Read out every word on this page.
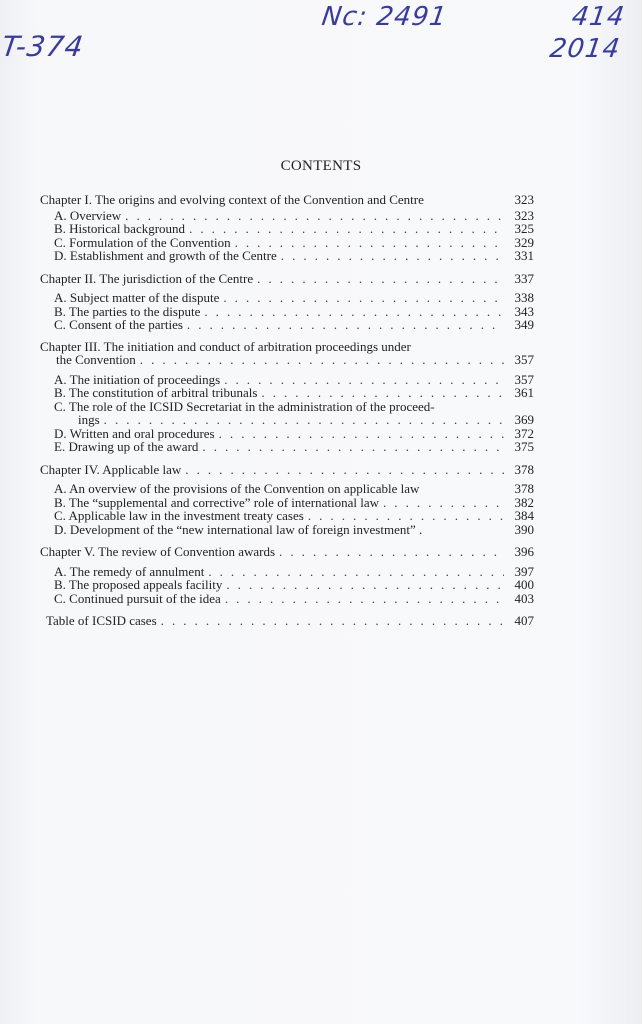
T-374
Nc: 2491	414
2014
CONTENTS
Chapter I. The origins and evolving context of the Convention and Centre	323
A. Overview . . .	323
B. Historical background . . .	325
C. Formulation of the Convention . . .	329
D. Establishment and growth of the Centre . . .	331
Chapter II. The jurisdiction of the Centre . . .	337
A. Subject matter of the dispute . . .	338
B. The parties to the dispute . . .	343
C. Consent of the parties . . .	349
Chapter III. The initiation and conduct of arbitration proceedings under
the Convention . . .	357
A. The initiation of proceedings . . .	357
B. The constitution of arbitral tribunals . . .	361
C. The role of the ICSID Secretariat in the administration of the proceed-
ings . . .	369
D. Written and oral procedures . . .	372
E. Drawing up of the award . . .	375
Chapter IV. Applicable law . . .	378
A. An overview of the provisions of the Convention on applicable law	378
B. The “supplemental and corrective” role of international law . . .	382
C. Applicable law in the investment treaty cases . . .	384
D. Development of the “new international law of foreign investment” .	390
Chapter V. The review of Convention awards . . .	396
A. The remedy of annulment . . .	397
B. The proposed appeals facility . . .	400
C. Continued pursuit of the idea . . .	403
Table of ICSID cases . . .	407
